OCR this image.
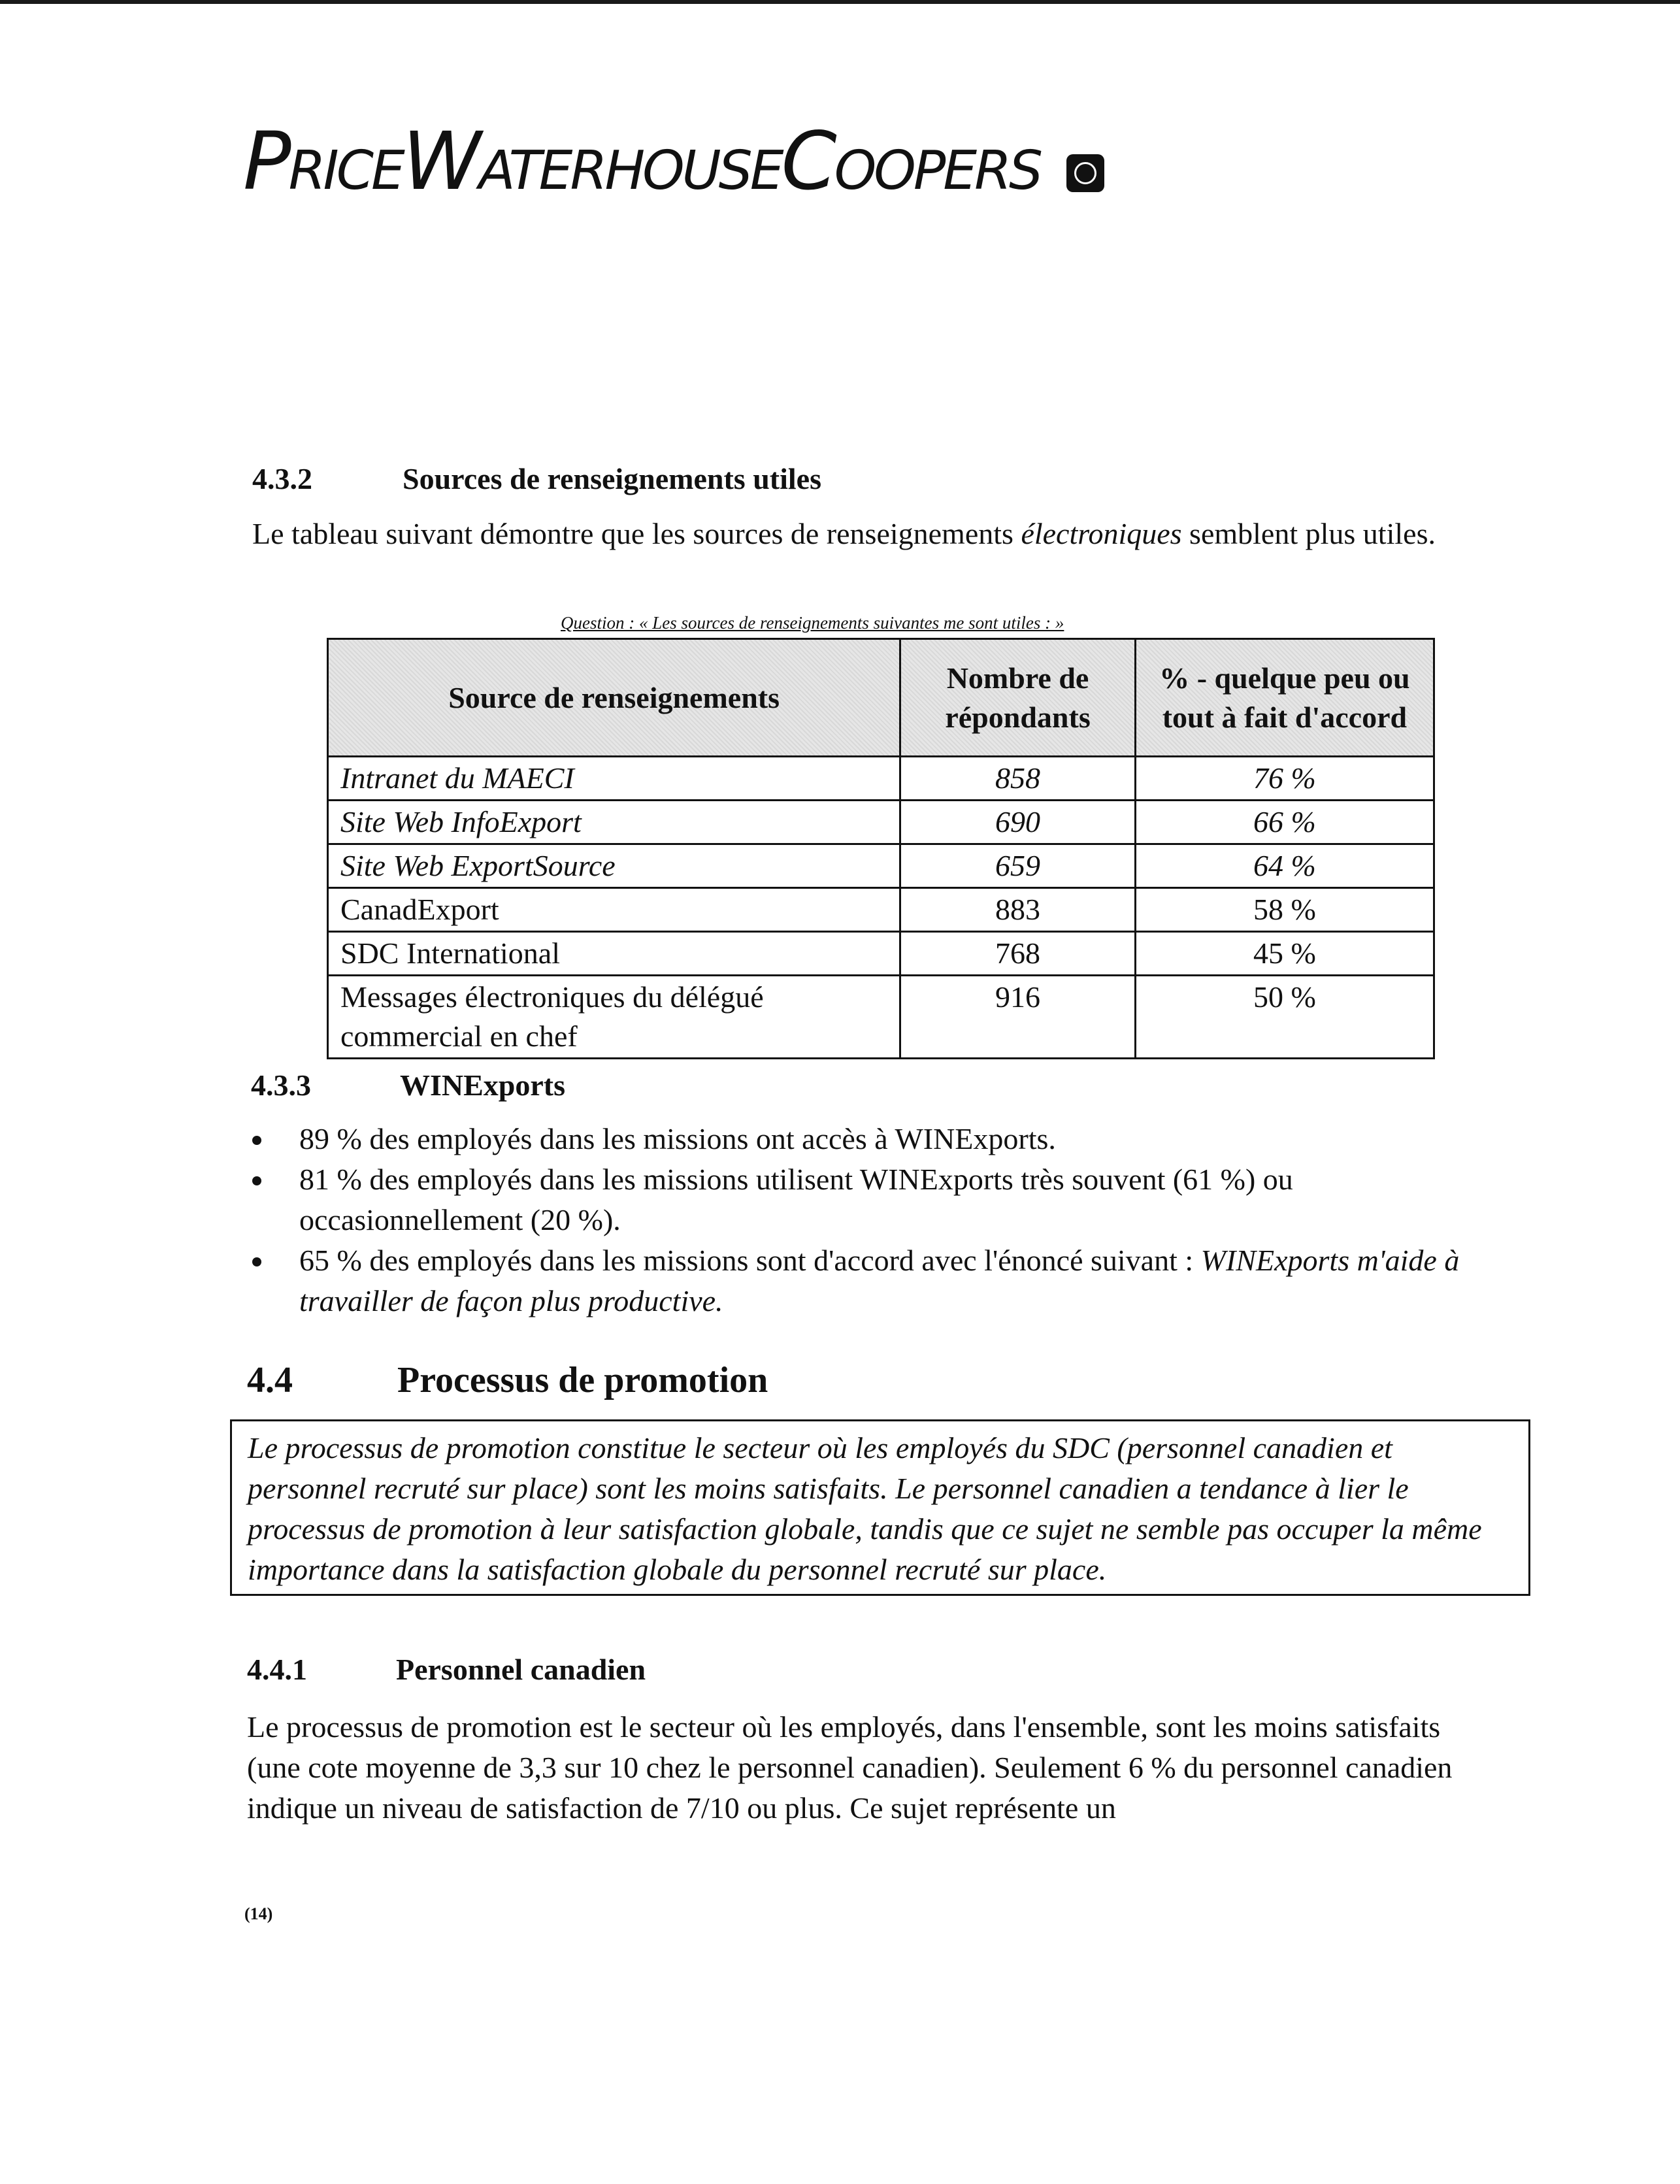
PRICEWATERHOUSECOOPERS
4.3.2	Sources de renseignements utiles

Le tableau suivant démontre que les sources de renseignements électroniques semblent plus utiles.

Question : « Les sources de renseignements suivantes me sont utiles : »
Source de renseignements	Nombre de répondants	% - quelque peu ou tout à fait d'accord
Intranet du MAECI	858	76 %
Site Web InfoExport	690	66 %
Site Web ExportSource	659	64 %
CanadExport	883	58 %
SDC International	768	45 %
Messages électroniques du délégué commercial en chef	916	50 %
4.3.3	WINExports
89 % des employés dans les missions ont accès à WINExports.
81 % des employés dans les missions utilisent WINExports très souvent (61 %) ou occasionnellement (20 %).
65 % des employés dans les missions sont d'accord avec l'énoncé suivant : WINExports m'aide à travailler de façon plus productive.
4.4	Processus de promotion
Le processus de promotion constitue le secteur où les employés du SDC (personnel canadien et personnel recruté sur place) sont les moins satisfaits. Le personnel canadien a tendance à lier le processus de promotion à leur satisfaction globale, tandis que ce sujet ne semble pas occuper la même importance dans la satisfaction globale du personnel recruté sur place.
4.4.1	Personnel canadien

Le processus de promotion est le secteur où les employés, dans l'ensemble, sont les moins satisfaits (une cote moyenne de 3,3 sur 10 chez le personnel canadien). Seulement 6 % du personnel canadien indique un niveau de satisfaction de 7/10 ou plus. Ce sujet représente un

(14)
